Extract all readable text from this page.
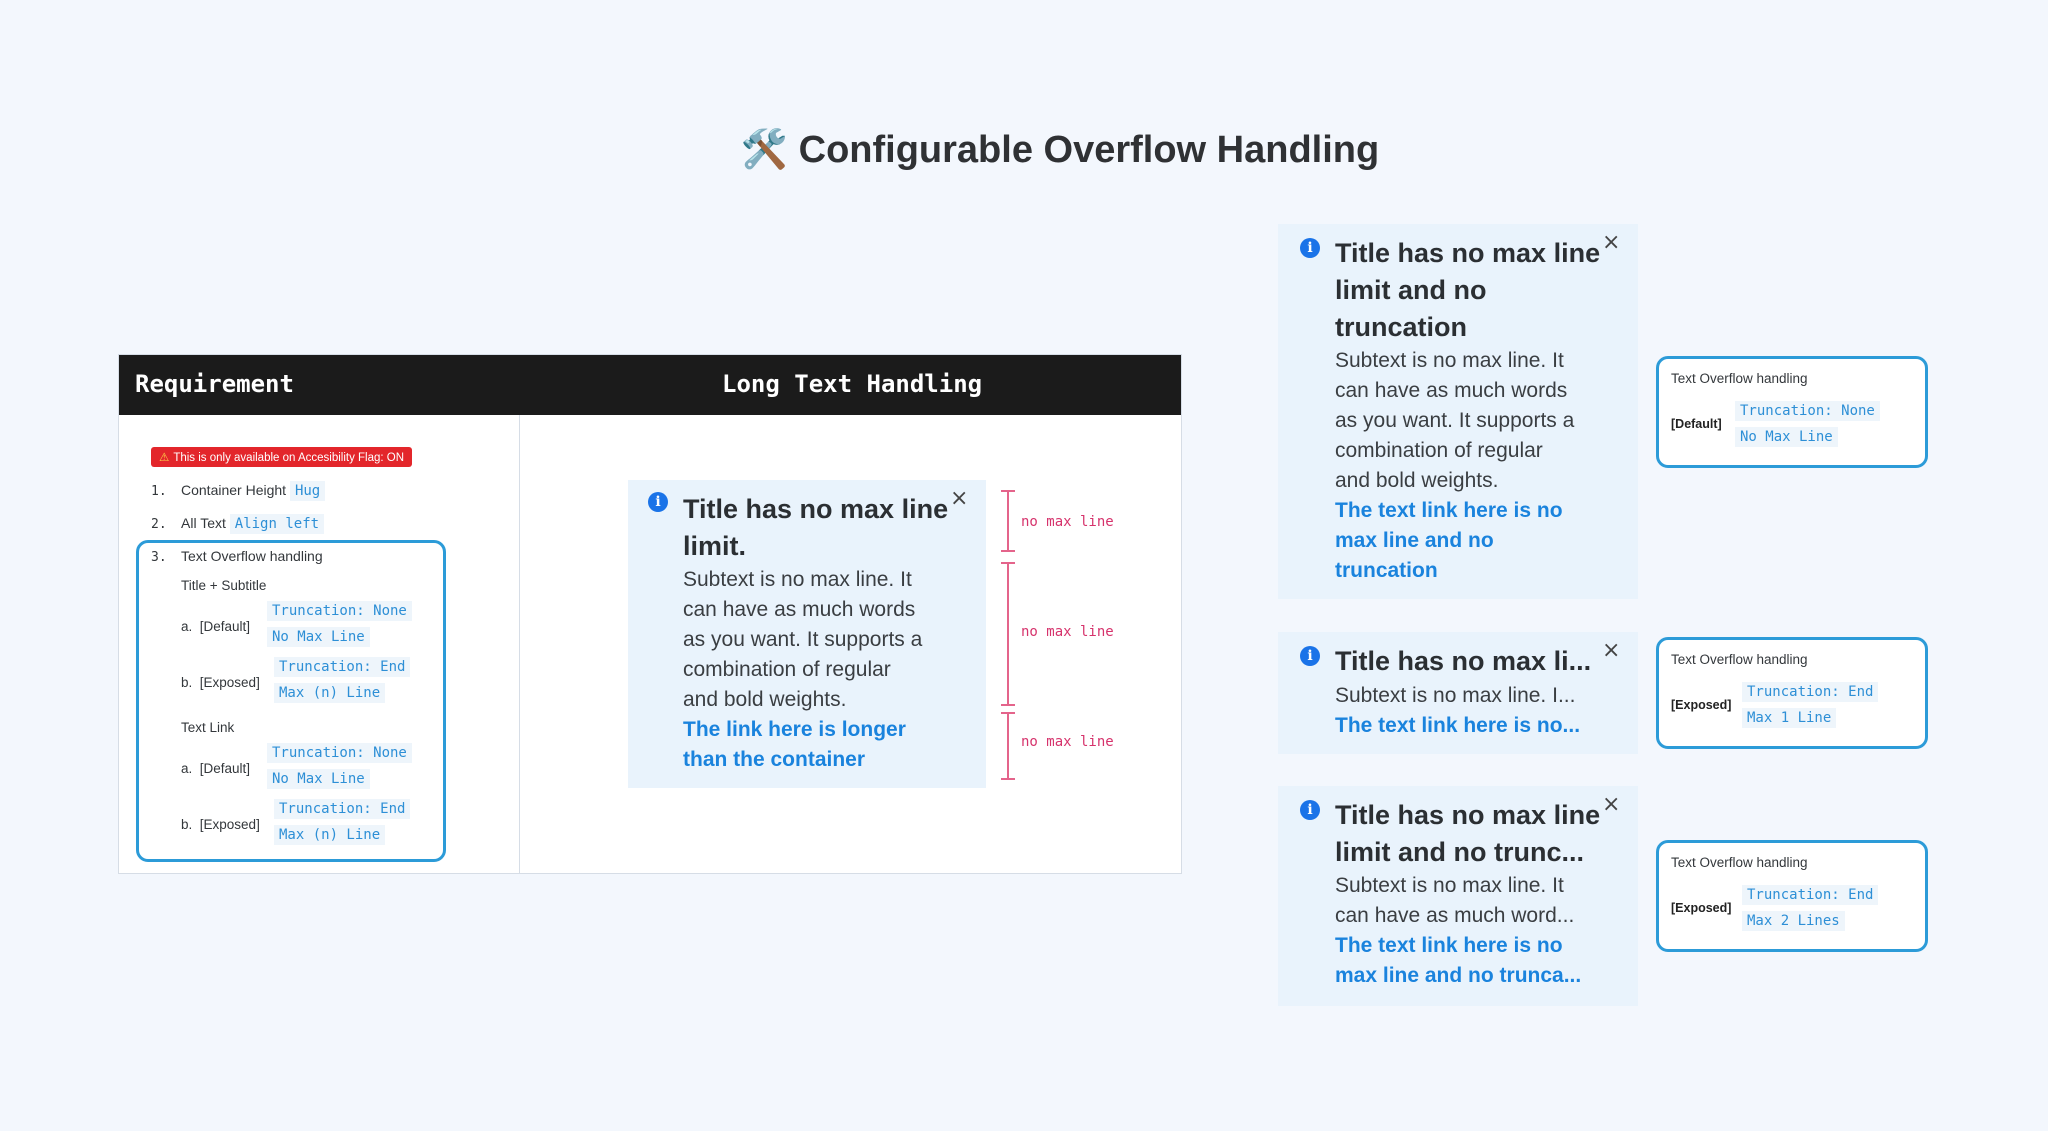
🛠️ Configurable Overflow Handling
Requirement	Long Text Handling
⚠ This is only available on Accesibility Flag: ON
1. Container Height Hug
2. All Text Align left
3. Text Overflow handling
Title + Subtitle
a. [Default]
Truncation: None
No Max Line
b. [Exposed]
Truncation: End
Max (n) Line
Text Link
a. [Default]
Truncation: None
No Max Line
b. [Exposed]
Truncation: End
Max (n) Line
i	×
Title has no max line
limit.
Subtext is no max line. It
can have as much words
as you want. It supports a
combination of regular
and bold weights.
The link here is longer
than the container
no max line
no max line
no max line
i	×
Title has no max line
limit and no
truncation
Subtext is no max line. It
can have as much words
as you want. It supports a
combination of regular
and bold weights.
The text link here is no
max line and no
truncation
i	×
Title has no max li...
Subtext is no max line. I...
The text link here is no...
i	×
Title has no max line
limit and no trunc...
Subtext is no max line. It
can have as much word...
The text link here is no
max line and no trunca...
Text Overflow handling
[Default]
Truncation: None
No Max Line
Text Overflow handling
[Exposed]
Truncation: End
Max 1 Line
Text Overflow handling
[Exposed]
Truncation: End
Max 2 Lines
